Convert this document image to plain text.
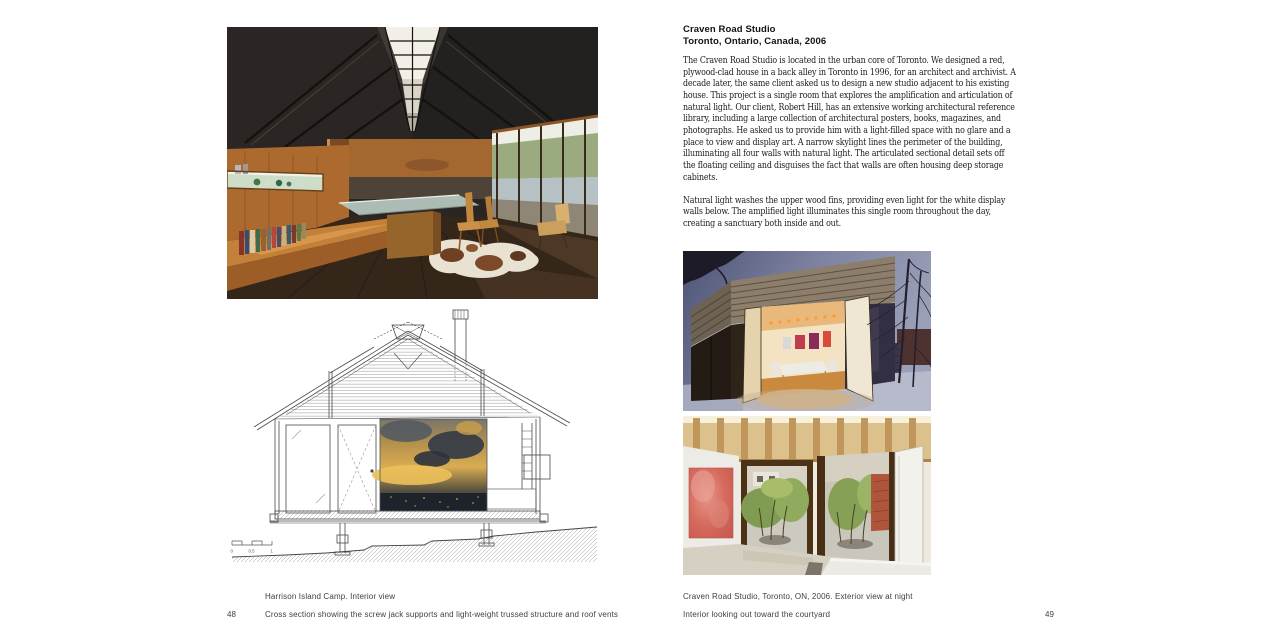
0	0.5	1
Harrison Island Camp. Interior view
48	Cross section showing the screw jack supports and light-weight trussed structure and roof vents
Craven Road Studio
Toronto, Ontario, Canada, 2006

The Craven Road Studio is located in the urban core of Toronto. We designed a red, plywood-clad house in a back alley in Toronto in 1996, for an architect and archivist. A decade later, the same client asked us to design a new studio adjacent to his existing house. This project is a single room that explores the amplification and articulation of natural light. Our client, Robert Hill, has an extensive working architectural reference library, including a large collection of architectural posters, books, magazines, and photographs. He asked us to provide him with a light-filled space with no glare and a place to view and display art. A narrow skylight lines the perimeter of the building, illuminating all four walls with natural light. The articulated sectional detail sets off the floating ceiling and disguises the fact that walls are often housing deep storage cabinets.

Natural light washes the upper wood fins, providing even light for the white display walls below. The amplified light illuminates this single room throughout the day, creating a sanctuary both inside and out.

Craven Road Studio, Toronto, ON, 2006. Exterior view at night
Interior looking out toward the courtyard	49
